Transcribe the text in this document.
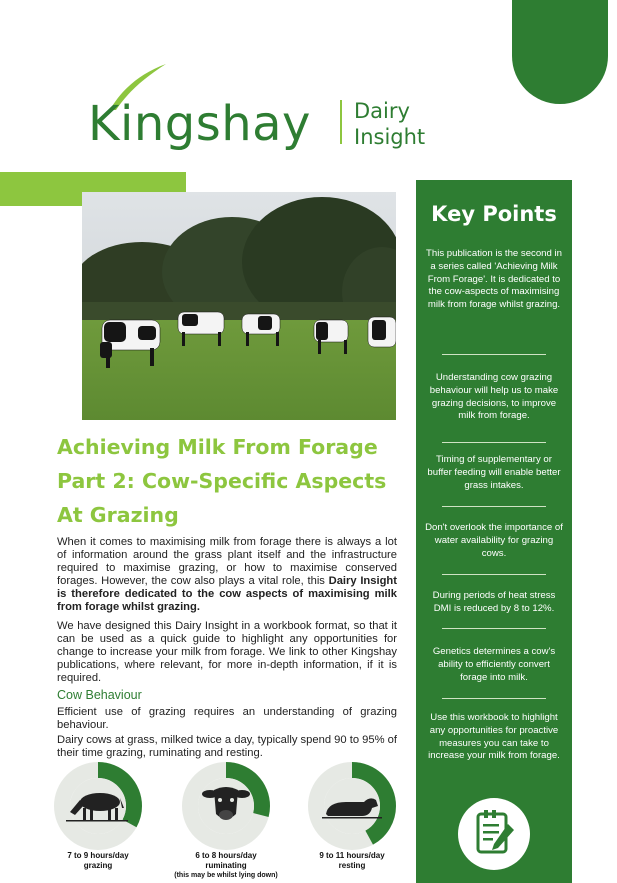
Kingshay Dairy
Insight
Achieving Milk From Forage
Part 2: Cow-Specific Aspects
At Grazing
When it comes to maximising milk from forage there is always a lot of information around the grass plant itself and the infrastructure required to maximise grazing, or how to maximise conserved forages. However, the cow also plays a vital role, this Dairy Insight is therefore dedicated to the cow aspects of maximising milk from forage whilst grazing.
We have designed this Dairy Insight in a workbook format, so that it can be used as a quick guide to highlight any opportunities for change to increase your milk from forage. We link to other Kingshay publications, where relevant, for more in-depth information, if it is required.
Cow Behaviour
Efficient use of grazing requires an understanding of grazing behaviour.
Dairy cows at grass, milked twice a day, typically spend 90 to 95% of their time grazing, ruminating and resting.
7 to 9 hours/day
grazing
6 to 8 hours/day
ruminating
(this may be whilst lying down)
9 to 11 hours/day
resting
Key Points
This publication is the second in a series called 'Achieving Milk From Forage'. It is dedicated to the cow-aspects of maximising milk from forage whilst grazing.
Understanding cow grazing behaviour will help us to make grazing decisions, to improve milk from forage.
Timing of supplementary or buffer feeding will enable better grass intakes.
Don't overlook the importance of water availability for grazing cows.
During periods of heat stress DMI is reduced by 8 to 12%.
Genetics determines a cow's ability to efficiently convert forage into milk.
Use this workbook to highlight any opportunities for proactive measures you can take to increase your milk from forage.
